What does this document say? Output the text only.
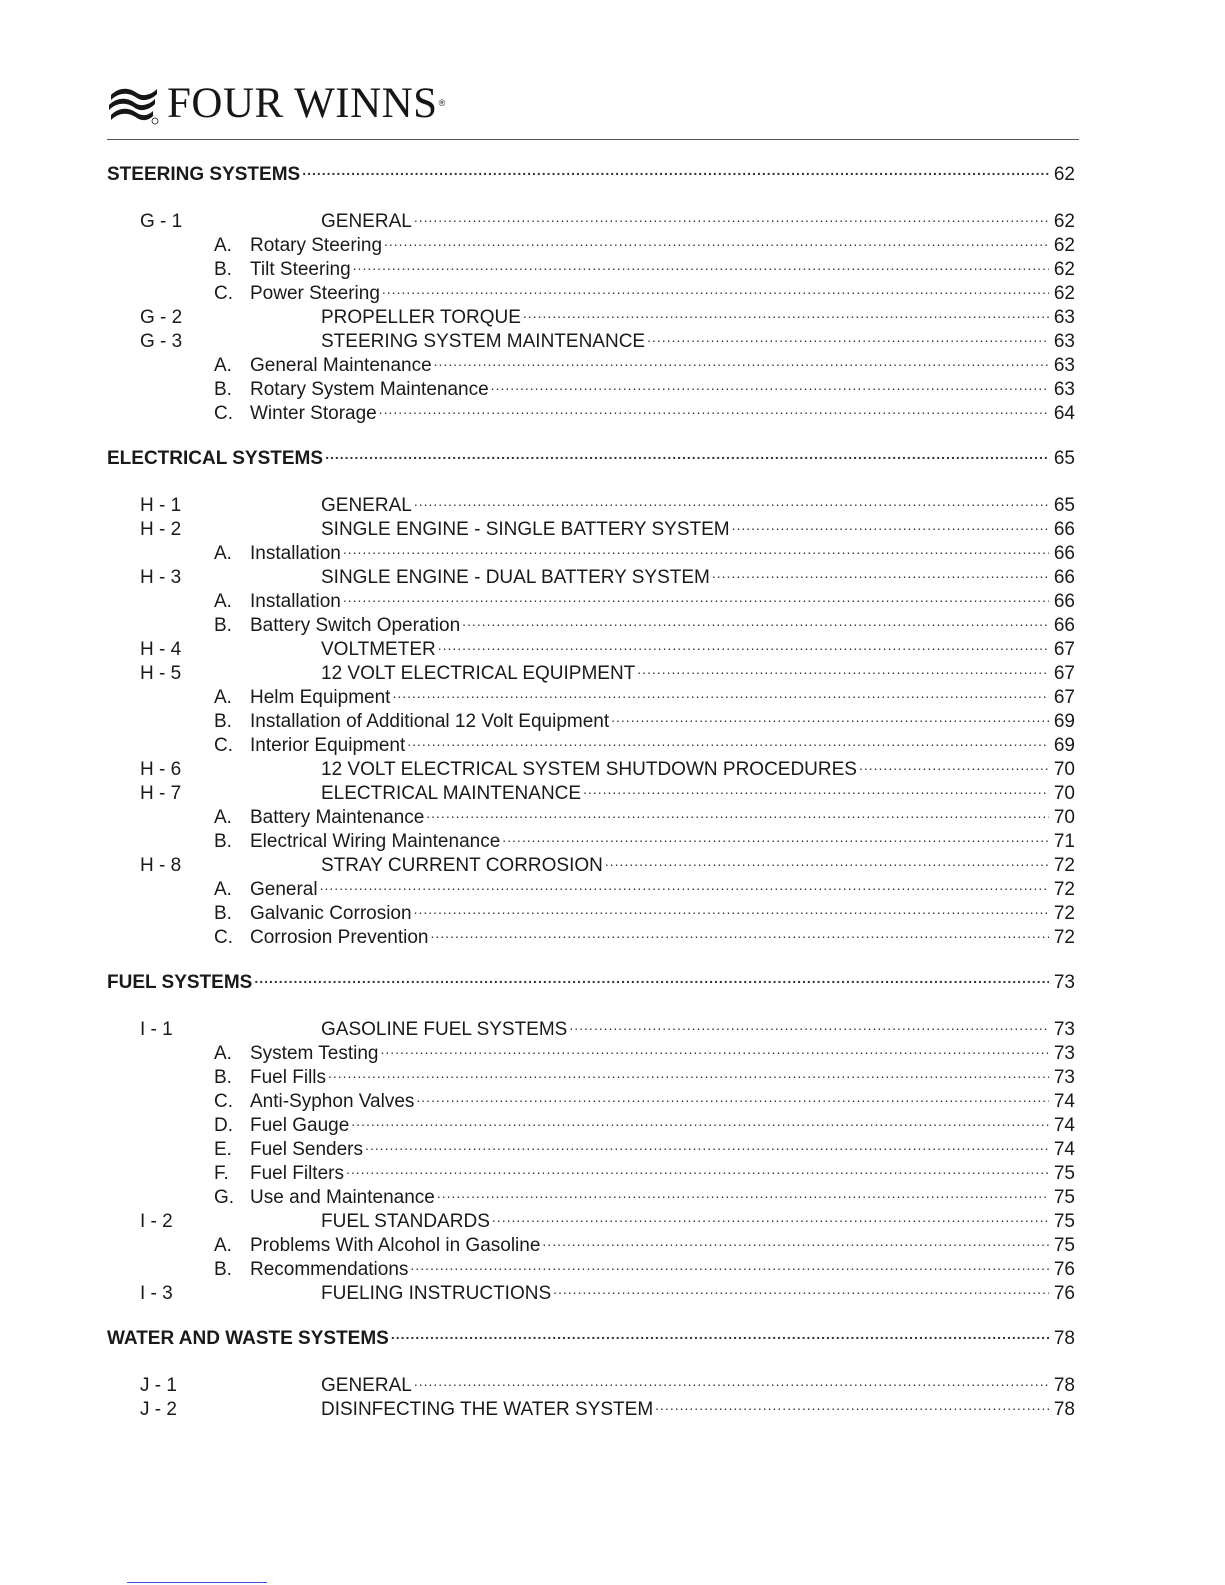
FOUR WINNS ®
STEERING SYSTEMS .....	62
G - 1	GENERAL .....	62
A. Rotary Steering .....	62
B. Tilt Steering .....	62
C. Power Steering .....	62
G - 2	PROPELLER TORQUE .....	63
G - 3	STEERING SYSTEM MAINTENANCE .....	63
A. General Maintenance .....	63
B. Rotary System Maintenance .....	63
C. Winter Storage .....	64
ELECTRICAL SYSTEMS .....	65
H - 1	GENERAL .....	65
H - 2	SINGLE ENGINE - SINGLE BATTERY SYSTEM .....	66
A. Installation .....	66
H - 3	SINGLE ENGINE - DUAL BATTERY SYSTEM .....	66
A. Installation .....	66
B. Battery Switch Operation .....	66
H - 4	VOLTMETER .....	67
H - 5	12 VOLT ELECTRICAL EQUIPMENT .....	67
A. Helm Equipment .....	67
B. Installation of Additional 12 Volt Equipment .....	69
C. Interior Equipment .....	69
H - 6	12 VOLT ELECTRICAL SYSTEM SHUTDOWN PROCEDURES .....	70
H - 7	ELECTRICAL MAINTENANCE .....	70
A. Battery Maintenance .....	70
B. Electrical Wiring Maintenance .....	71
H - 8	STRAY CURRENT CORROSION .....	72
A. General .....	72
B. Galvanic Corrosion .....	72
C. Corrosion Prevention .....	72
FUEL SYSTEMS .....	73
I - 1	GASOLINE FUEL SYSTEMS .....	73
A. System Testing .....	73
B. Fuel Fills .....	73
C. Anti-Syphon Valves .....	74
D. Fuel Gauge .....	74
E. Fuel Senders .....	74
F.	Fuel Filters .....	75
G. Use and Maintenance .....	75
I - 2	FUEL STANDARDS .....	75
A. Problems With Alcohol in Gasoline .....	75
B. Recommendations .....	76
I - 3	FUELING INSTRUCTIONS .....	76
WATER AND WASTE SYSTEMS .....	78
J - 1	GENERAL .....	78
J - 2	DISINFECTING THE WATER SYSTEM .....	78
